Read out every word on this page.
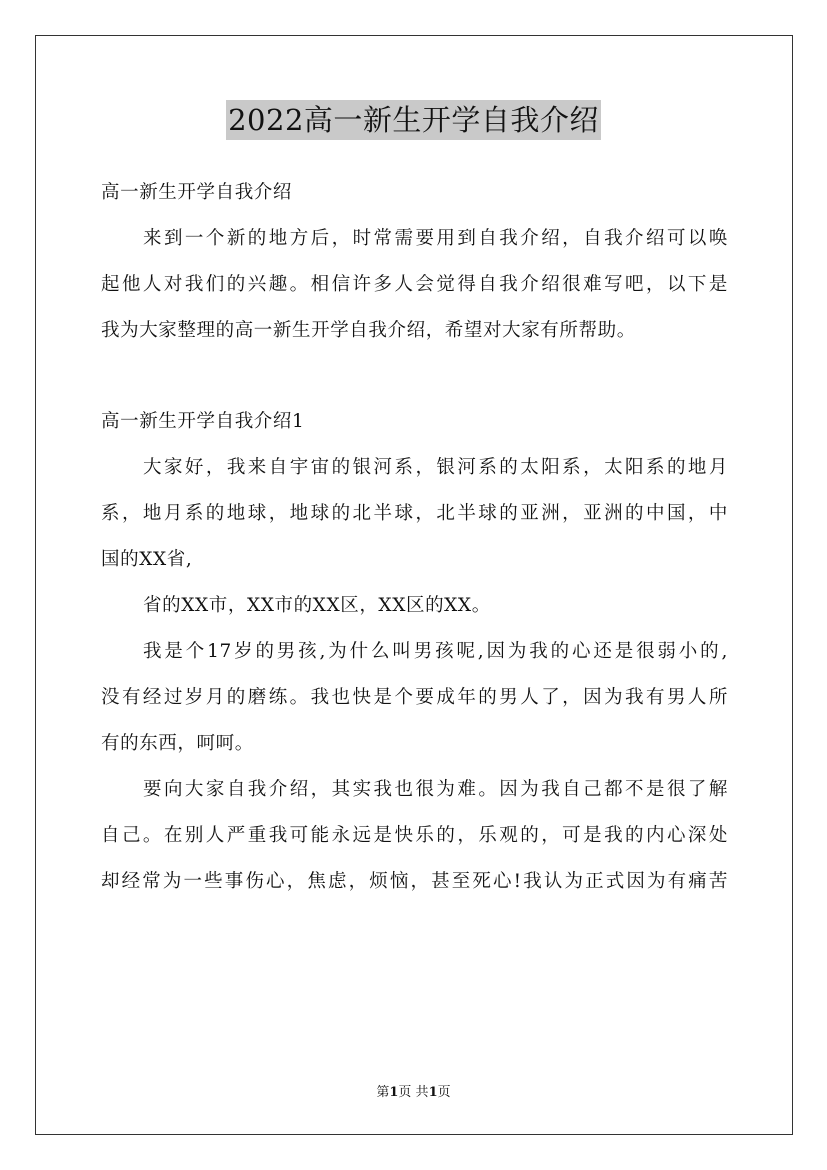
2022高一新生开学自我介绍
高一新生开学自我介绍
来到一个新的地方后，时常需要用到自我介绍，自我介绍可以唤
起他人对我们的兴趣。相信许多人会觉得自我介绍很难写吧，以下是
我为大家整理的高一新生开学自我介绍，希望对大家有所帮助。
高一新生开学自我介绍1
大家好，我来自宇宙的银河系，银河系的太阳系，太阳系的地月
系，地月系的地球，地球的北半球，北半球的亚洲，亚洲的中国，中
国的XX省,
省的XX市，XX市的XX区，XX区的XX。
我是个17岁的男孩,为什么叫男孩呢,因为我的心还是很弱小的,
没有经过岁月的磨练。我也快是个要成年的男人了，因为我有男人所
有的东西，呵呵。
要向大家自我介绍，其实我也很为难。因为我自己都不是很了解
自己。在别人严重我可能永远是快乐的，乐观的，可是我的内心深处
却经常为一些事伤心，焦虑，烦恼，甚至死心!我认为正式因为有痛苦
第1页 共1页
